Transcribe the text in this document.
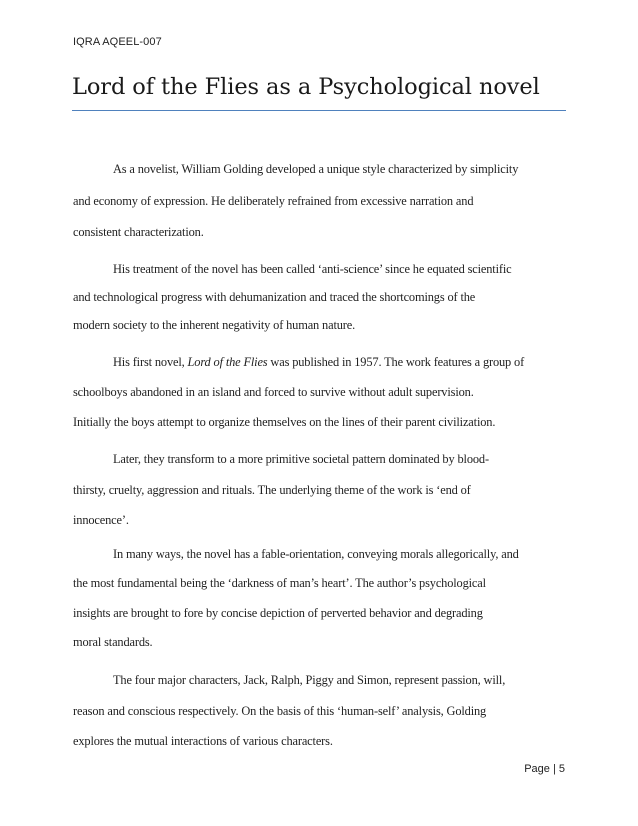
IQRA AQEEL-007
Lord of the Flies as a Psychological novel
As a novelist, William Golding developed a unique style characterized by simplicity
and economy of expression. He deliberately refrained from excessive narration and
consistent characterization.
His treatment of the novel has been called ‘anti-science’ since he equated scientific
and technological progress with dehumanization and traced the shortcomings of the
modern society to the inherent negativity of human nature.
His first novel, Lord of the Flies was published in 1957. The work features a group of
schoolboys abandoned in an island and forced to survive without adult supervision.
Initially the boys attempt to organize themselves on the lines of their parent civilization.
Later, they transform to a more primitive societal pattern dominated by blood-
thirsty, cruelty, aggression and rituals. The underlying theme of the work is ‘end of
innocence’.
In many ways, the novel has a fable-orientation, conveying morals allegorically, and
the most fundamental being the ‘darkness of man’s heart’. The author’s psychological
insights are brought to fore by concise depiction of perverted behavior and degrading
moral standards.
The four major characters, Jack, Ralph, Piggy and Simon, represent passion, will,
reason and conscious respectively. On the basis of this ‘human-self’ analysis, Golding
explores the mutual interactions of various characters.
Page | 5
